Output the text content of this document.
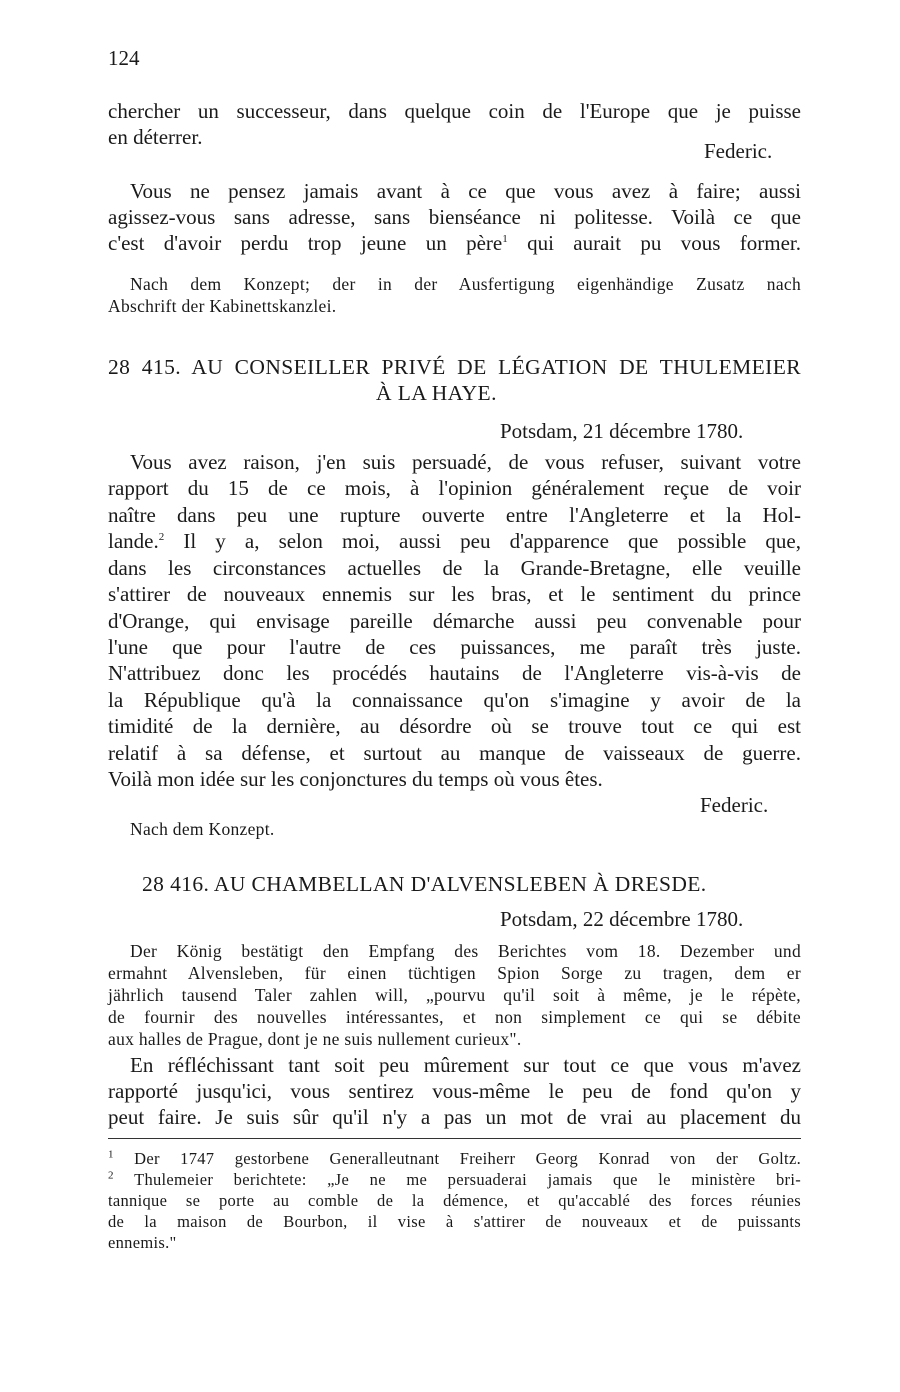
124
chercher un successeur, dans quelque coin de l'Europe que je puisse
en déterrer.
Federic.
Vous ne pensez jamais avant à ce que vous avez à faire; aussi
agissez-vous sans adresse, sans bienséance ni politesse. Voilà ce que
c'est d'avoir perdu trop jeune un père$^1$ qui aurait pu vous former.
Nach dem Konzept; der in der Ausfertigung eigenhändige Zusatz nach
Abschrift der Kabinettskanzlei.
28 415. AU CONSEILLER PRIVÉ DE LÉGATION DE THULEMEIER
À LA HAYE.
Potsdam, 21 décembre 1780.
Vous avez raison, j'en suis persuadé, de vous refuser, suivant votre
rapport du 15 de ce mois, à l'opinion généralement reçue de voir
naître dans peu une rupture ouverte entre l'Angleterre et la Hol-
lande.$^2$ Il y a, selon moi, aussi peu d'apparence que possible que,
dans les circonstances actuelles de la Grande-Bretagne, elle veuille
s'attirer de nouveaux ennemis sur les bras, et le sentiment du prince
d'Orange, qui envisage pareille démarche aussi peu convenable pour
l'une que pour l'autre de ces puissances, me paraît très juste.
N'attribuez donc les procédés hautains de l'Angleterre vis-à-vis de
la République qu'à la connaissance qu'on s'imagine y avoir de la
timidité de la dernière, au désordre où se trouve tout ce qui est
relatif à sa défense, et surtout au manque de vaisseaux de guerre.
Voilà mon idée sur les conjonctures du temps où vous êtes.
Federic.
Nach dem Konzept.
28 416. AU CHAMBELLAN D'ALVENSLEBEN À DRESDE.
Potsdam, 22 décembre 1780.
Der König bestätigt den Empfang des Berichtes vom 18. Dezember und
ermahnt Alvensleben, für einen tüchtigen Spion Sorge zu tragen, dem er
jährlich tausend Taler zahlen will, „pourvu qu'il soit à même, je le répète,
de fournir des nouvelles intéressantes, et non simplement ce qui se débite
aux halles de Prague, dont je ne suis nullement curieux".
En réfléchissant tant soit peu mûrement sur tout ce que vous m'avez
rapporté jusqu'ici, vous sentirez vous-même le peu de fond qu'on y
peut faire. Je suis sûr qu'il n'y a pas un mot de vrai au placement du
$^1$ Der 1747 gestorbene Generalleutnant Freiherr Georg Konrad von der Goltz.
$^2$ Thulemeier berichtete: „Je ne me persuaderai jamais que le ministère bri-
tannique se porte au comble de la démence, et qu'accablé des forces réunies
de la maison de Bourbon, il vise à s'attirer de nouveaux et de puissants
ennemis."
